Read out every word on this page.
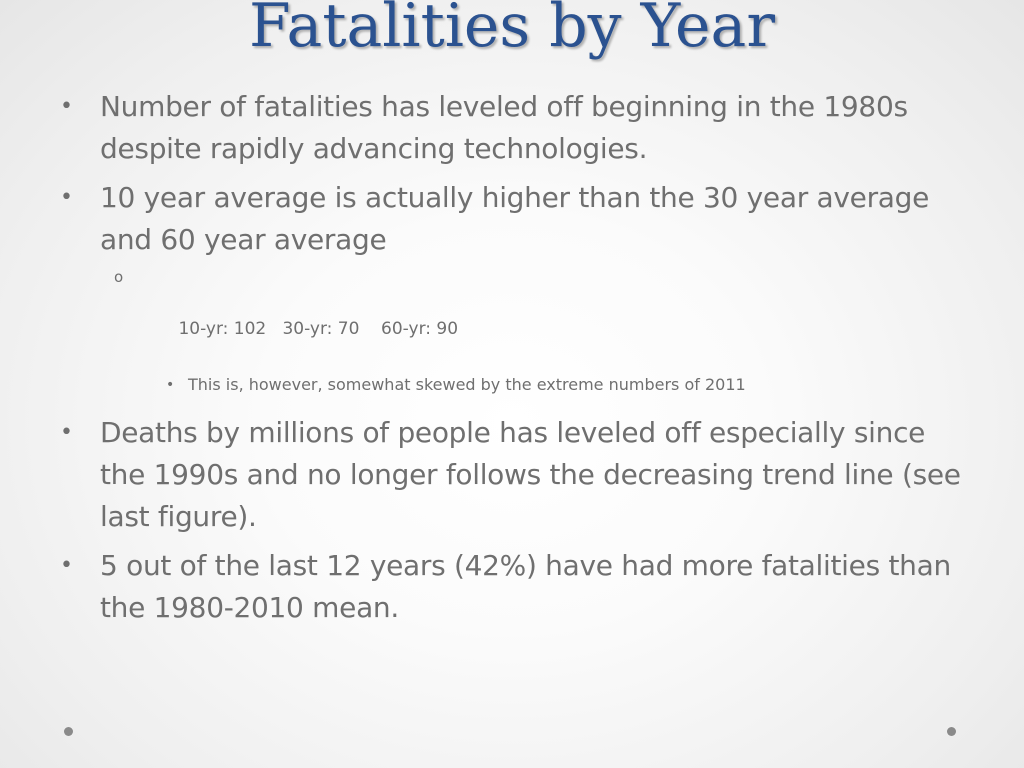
Fatalities by Year
• Number of fatalities has leveled off beginning in the 1980s despite rapidly advancing technologies.
• 10 year average is actually higher than the 30 year average and 60 year average

o

10-yr: 102   30-yr: 70    60-yr: 90

• This is, however, somewhat skewed by the extreme numbers of 2011
• Deaths by millions of people has leveled off especially since the 1990s and no longer follows the decreasing trend line (see last figure).
• 5 out of the last 12 years (42%) have had more fatalities than the 1980-2010 mean.
